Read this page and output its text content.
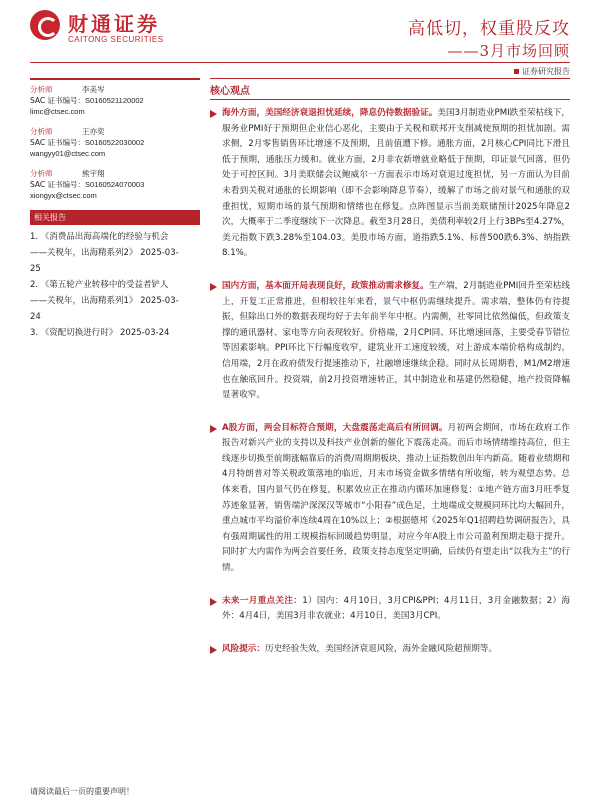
财通证券
CAITONG SECURITIES
高低切，权重股反攻
——3月市场回顾
证券研究报告
分析师	李美岑
SAC 证书编号：S0160521120002
limc@ctsec.com
分析师	王亦奕
SAC 证书编号：S0160522030002
wangyy01@ctsec.com
分析师	熊宇翔
SAC 证书编号：S0160524070003
xiongyx@ctsec.com
相关报告
1. 《消费品出海高端化的经验与机会
——关税年，出海精系列2》 2025-03-
25
2. 《第五轮产业转移中的受益者铲人
——关税年，出海精系列1》 2025-03-
24
3. 《资配切换进行时》 2025-03-24
核心观点

海外方面，美国经济衰退担忧延续，降息仍待数据验证。美国3月制造业PMI跌至荣枯线下，服务业PMI好于预期但企业信心恶化，主要由于关税和联邦开支削减使预期的担忧加剧。需求侧，2月零售销售环比增速不及预期，且前值遭下修。通胀方面，2月核心CPI同比下滑且低于预期，通胀压力缓和。就业方面，2月非农新增就业略低于预期，印证景气回落，但仍处于可控区间。3月美联储会议鲍威尔一方面表示市场对衰退过度担忧，另一方面认为目前未看到关税对通胀的长期影响（即不会影响降息节奏），缓解了市场之前对景气和通胀的双重担忧，短期市场的景气预期和情绪也在修复。点阵图显示当前美联储预计2025年降息2次，大概率于二季度继续下一次降息。截至3月28日，美债利率较2月上行3BPs至4.27%，美元指数下跌3.28%至104.03。美股市场方面，道指跌5.1%、标普500跌6.3%、纳指跌8.1%。

国内方面，基本面开局表现良好，政策推动需求修复。生产端，2月制造业PMI回升至荣枯线上，开复工正常推进，但相较往年来看，景气中枢仍需继续提升。需求端，整体仍有待提振，但除出口外的数据表现均好于去年前半年中枢。内需侧，社零同比依然偏低，但政策支撑的通讯器材、家电等方向表现较好。价格端，2月CPI同、环比增速回落，主要受春节错位等因素影响。PPI环比下行幅度收窄，建筑业开工速度较缓，对上游成本端价格构成制约。信用端，2月在政府债发行提速推动下，社融增速继续企稳。同时从长周期看，M1/M2增速也在触底回升。投资端，前2月投资增速转正，其中制造业和基建仍然稳健，地产投资降幅显著收窄。

A股方面，两会目标符合预期，大盘震荡走高后有所回调。月初两会期间，市场在政府工作报告对新兴产业的支持以及科技产业创新的催化下震荡走高。而后市场情绪维持高位，但主线逐步切换至前期涨幅靠后的消费/周期期板块，推动上证指数创出年内新高。随着业绩期和4月特朗普对等关税政策落地的临近，月末市场资金做多情绪有所收缩，转为观望态势。总体来看，国内景气仍在修复，积累效应正在推动内循环加速修复：①地产链方面3月旺季复苏迹象显著，销售端沪深深汉等城市“小阳春”成色足，土地端成交规模同环比均大幅回升，重点城市平均溢价率连续4周在10%以上；②根据德邦《2025年Q1招聘趋势调研报告》，具有强周期属性的用工规模指标回暖趋势明显，对应今年A股上市公司盈利预期走稳于提升。同时扩大内需作为两会首要任务，政策支持态度坚定明确，后续仍有望走出“以我为主”的行情。

未来一月重点关注：1）国内：4月10日，3月CPI&PPI；4月11日，3月金融数据；2）海外：4月4日，美国3月非农就业；4月10日，美国3月CPI。

风险提示：历史经验失效，美国经济衰退风险，海外金融风险超预期等。

请阅读最后一页的重要声明！
